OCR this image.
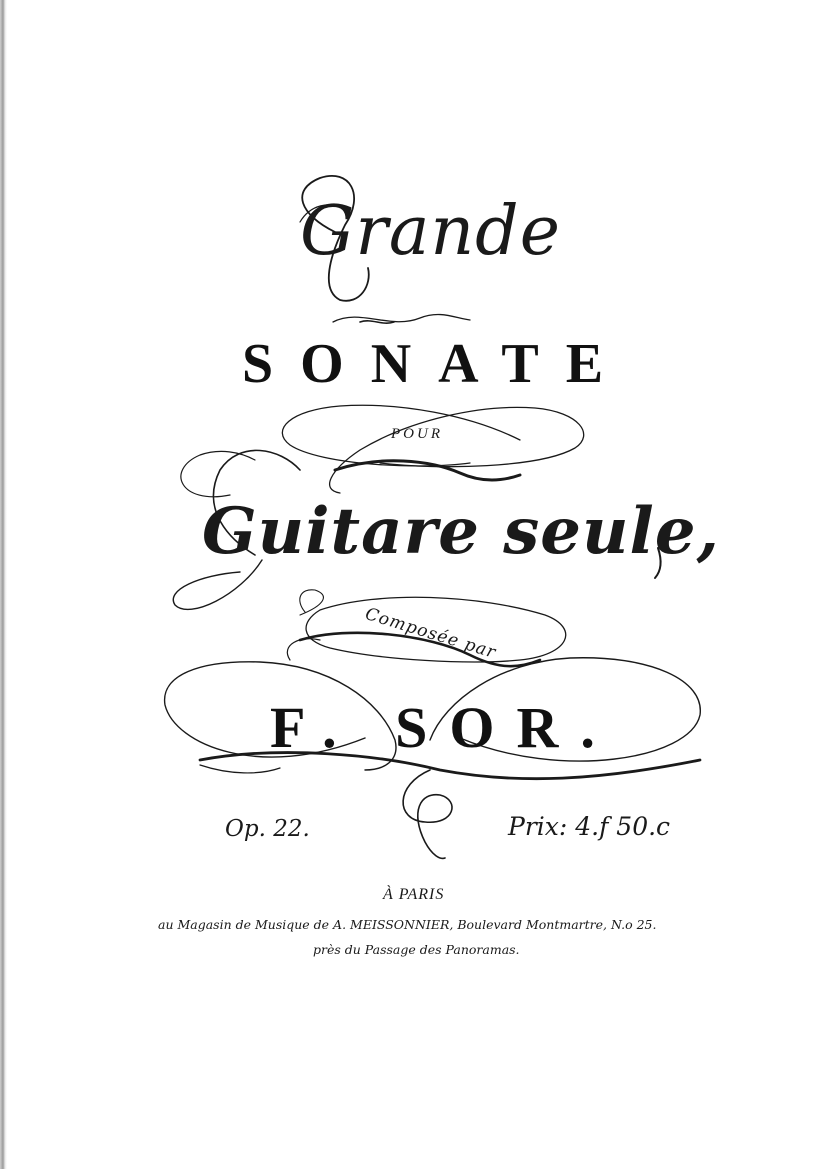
Grande
SONATE

POUR

Guitare seule,

Composée par

F. SOR.

Op. 22.	Prix: 4.f 50.c

À PARIS

au Magasin de Musique de A. MEISSONNIER, Boulevard Montmartre, N.o 25.

près du Passage des Panoramas.
